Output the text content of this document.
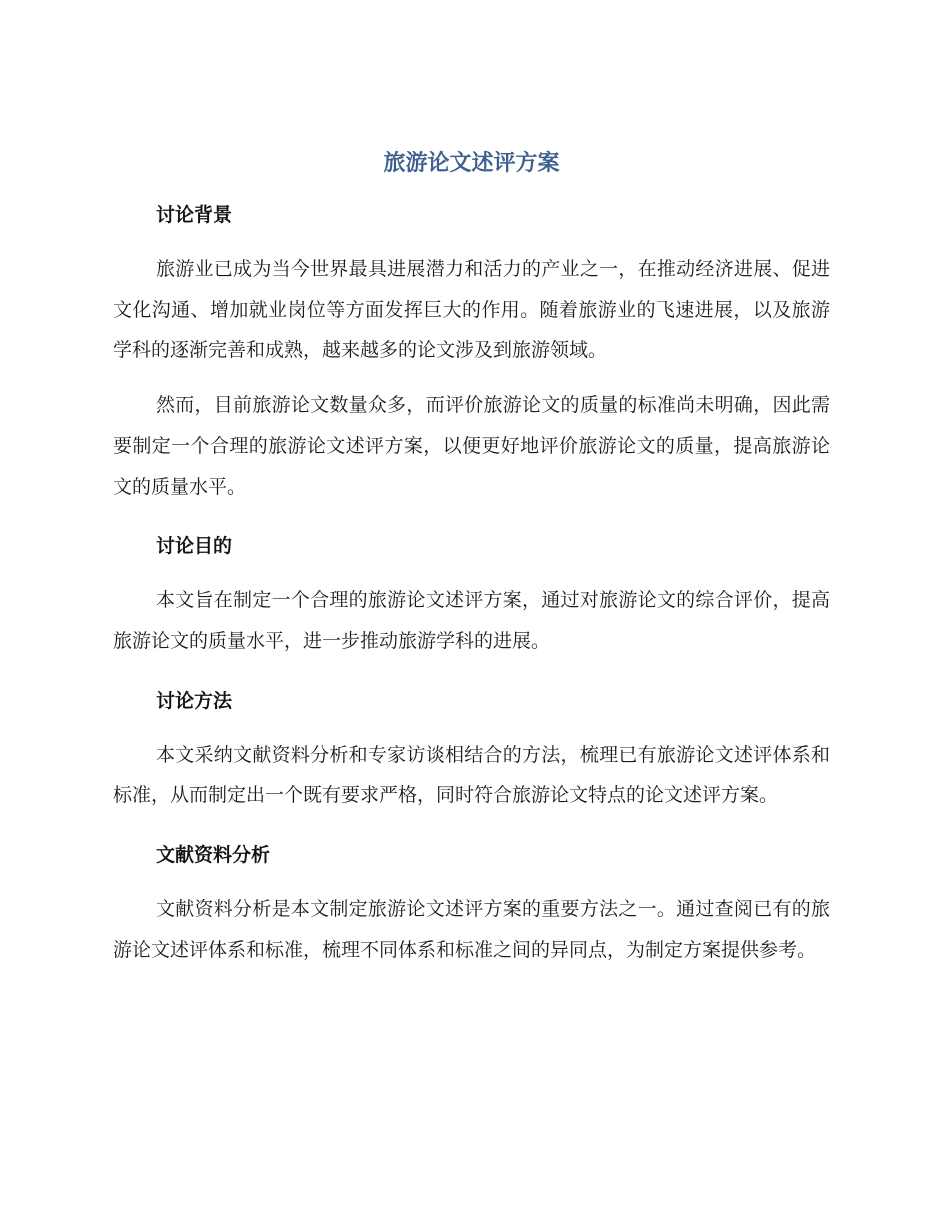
旅游论文述评方案
讨论背景

旅游业已成为当今世界最具进展潜力和活力的产业之一，在推动经济进展、促进文化沟通、增加就业岗位等方面发挥巨大的作用。随着旅游业的飞速进展，以及旅游学科的逐渐完善和成熟，越来越多的论文涉及到旅游领域。

然而，目前旅游论文数量众多，而评价旅游论文的质量的标准尚未明确，因此需要制定一个合理的旅游论文述评方案，以便更好地评价旅游论文的质量，提高旅游论文的质量水平。

讨论目的

本文旨在制定一个合理的旅游论文述评方案，通过对旅游论文的综合评价，提高旅游论文的质量水平，进一步推动旅游学科的进展。

讨论方法

本文采纳文献资料分析和专家访谈相结合的方法，梳理已有旅游论文述评体系和标准，从而制定出一个既有要求严格，同时符合旅游论文特点的论文述评方案。

文献资料分析

文献资料分析是本文制定旅游论文述评方案的重要方法之一。通过查阅已有的旅游论文述评体系和标准，梳理不同体系和标准之间的异同点，为制定方案提供参考。
